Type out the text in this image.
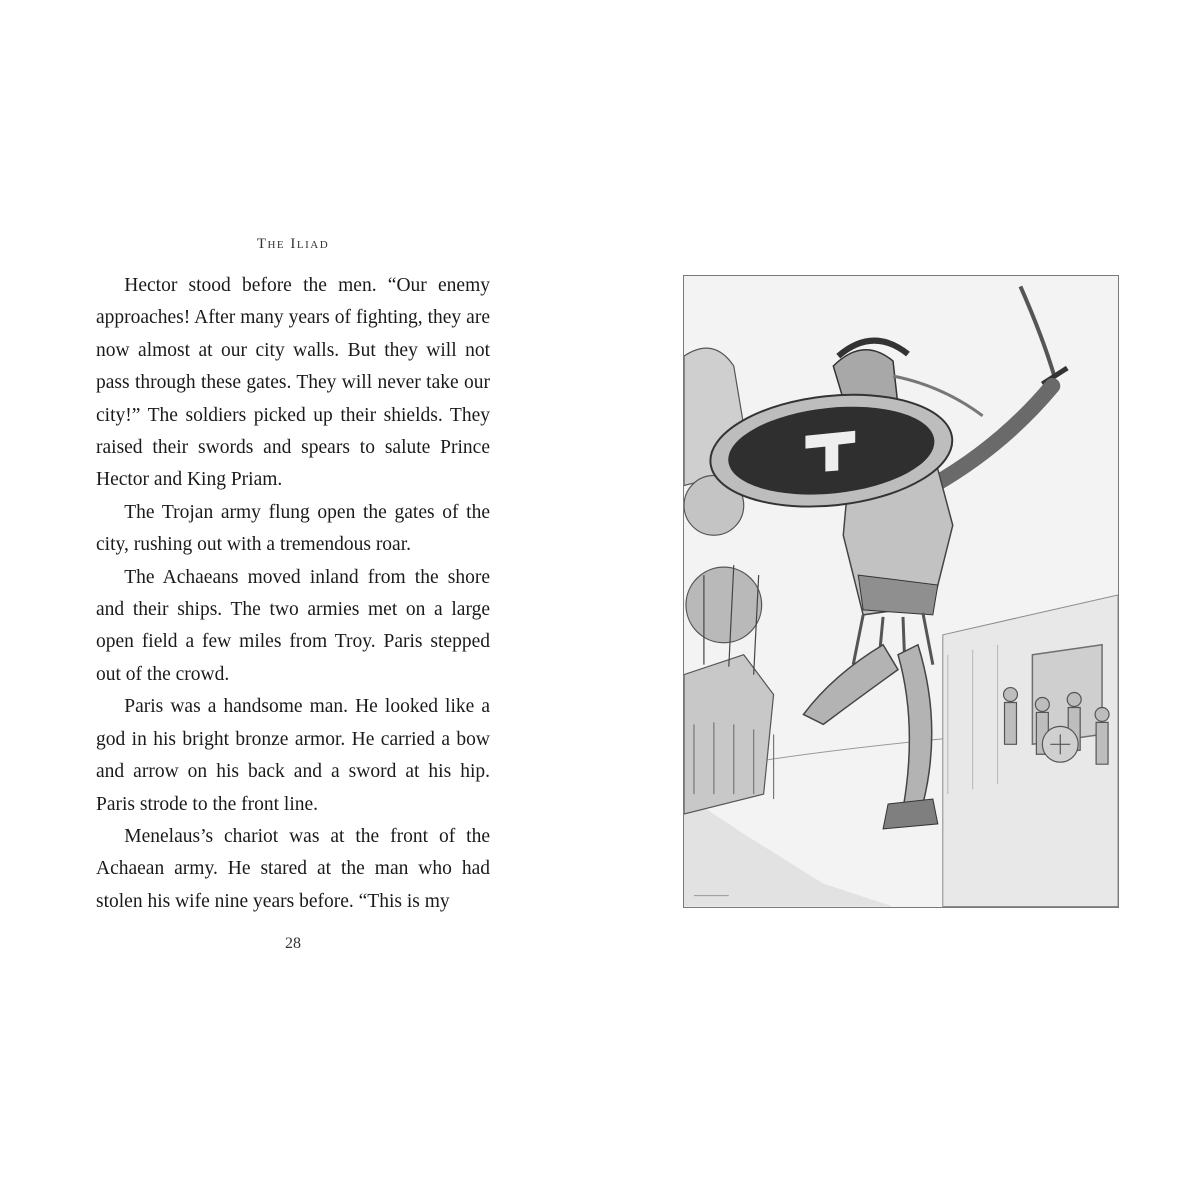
The Iliad

Hector stood before the men. “Our enemy approaches! After many years of fighting, they are now almost at our city walls. But they will not pass through these gates. They will never take our city!” The soldiers picked up their shields. They raised their swords and spears to salute Prince Hector and King Priam.

The Trojan army flung open the gates of the city, rushing out with a tremendous roar.

The Achaeans moved inland from the shore and their ships. The two armies met on a large open field a few miles from Troy. Paris stepped out of the crowd.

Paris was a handsome man. He looked like a god in his bright bronze armor. He carried a bow and arrow on his back and a sword at his hip. Paris strode to the front line.

Menelaus’s chariot was at the front of the Achaean army. He stared at the man who had stolen his wife nine years before. “This is my

28
